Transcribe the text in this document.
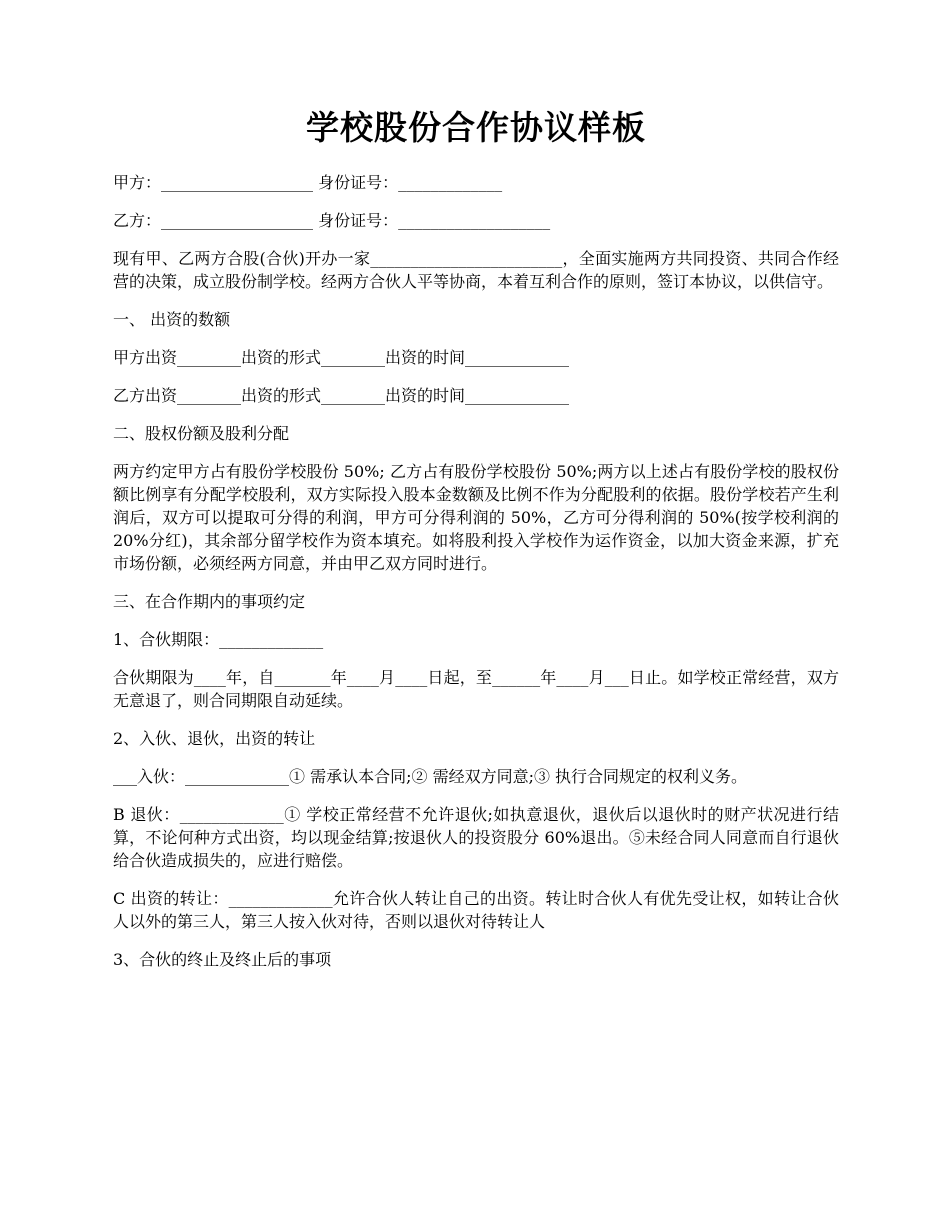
学校股份合作协议样板

甲方：___________________ 身份证号：_____________

乙方：___________________ 身份证号：___________________

现有甲、乙两方合股(合伙)开办一家________________________，全面实施两方共同投资、共同合作经营的决策，成立股份制学校。经两方合伙人平等协商，本着互利合作的原则，签订本协议，以供信守。

一、 出资的数额

甲方出资________出资的形式________出资的时间_____________

乙方出资________出资的形式________出资的时间_____________

二、股权份额及股利分配

两方约定甲方占有股份学校股份 50%; 乙方占有股份学校股份 50%;两方以上述占有股份学校的股权份额比例享有分配学校股利，双方实际投入股本金数额及比例不作为分配股利的依据。股份学校若产生利润后，双方可以提取可分得的利润，甲方可分得利润的 50%，乙方可分得利润的 50%(按学校利润的 20%分红)，其余部分留学校作为资本填充。如将股利投入学校作为运作资金，以加大资金来源，扩充市场份额，必须经两方同意，并由甲乙双方同时进行。

三、在合作期内的事项约定

1、合伙期限：_____________

合伙期限为____年，自_______年____月____日起，至______年____月___日止。如学校正常经营，双方无意退了，则合同期限自动延续。

2、入伙、退伙，出资的转让

___入伙：_____________① 需承认本合同;② 需经双方同意;③ 执行合同规定的权利义务。

B 退伙：_____________① 学校正常经营不允许退伙;如执意退伙，退伙后以退伙时的财产状况进行结算，不论何种方式出资，均以现金结算;按退伙人的投资股分 60%退出。⑤未经合同人同意而自行退伙给合伙造成损失的，应进行赔偿。

C 出资的转让：_____________允许合伙人转让自己的出资。转让时合伙人有优先受让权，如转让合伙人以外的第三人，第三人按入伙对待，否则以退伙对待转让人

3、合伙的终止及终止后的事项
